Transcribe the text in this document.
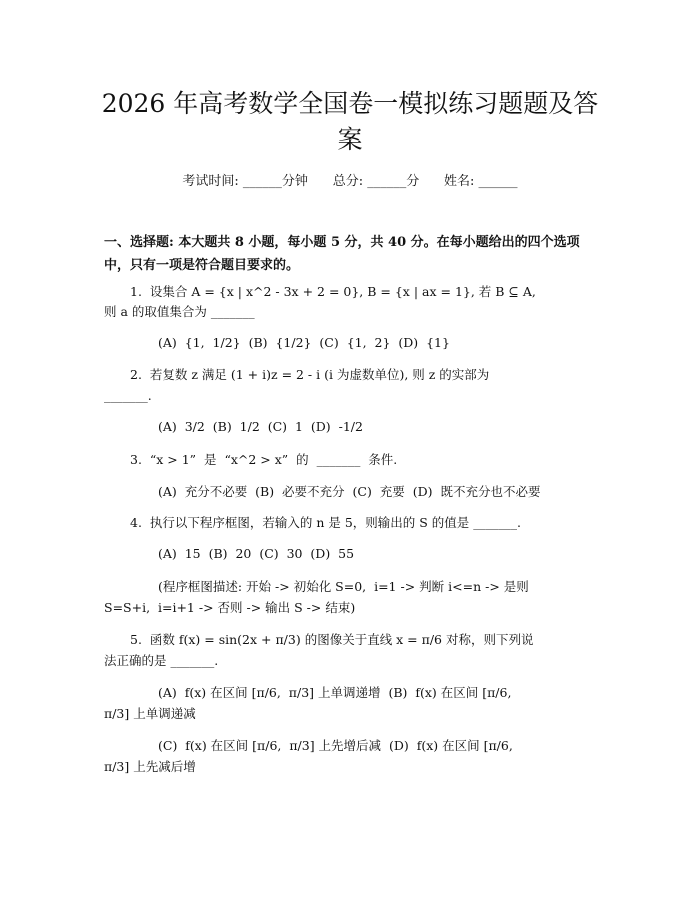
2026 年高考数学全国卷一模拟练习题题及答
案
考试时间: ______分钟 总分: ______分 姓名: ______

一、选择题: 本大题共 8 小题，每小题 5 分，共 40 分。在每小题给出的四个选项中，只有一项是符合题目要求的。

1.  设集合 A = {x | x^2 - 3x + 2 = 0}, B = {x | ax = 1}, 若 B ⊆ A,
则 a 的取值集合为 _______
(A)  {1,  1/2}  (B)  {1/2}  (C)  {1,  2}  (D)  {1}
2.  若复数 z 满足 (1 + i)z = 2 - i (i 为虚数单位), 则 z 的实部为
_______.
(A)  3/2  (B)  1/2  (C)  1  (D)  -1/2
3.  “x > 1”  是  “x^2 > x”  的  _______  条件.
(A)  充分不必要  (B)  必要不充分  (C)  充要  (D)  既不充分也不必要
4.  执行以下程序框图，若输入的 n 是 5，则输出的 S 的值是 _______.
(A)  15  (B)  20  (C)  30  (D)  55
(程序框图描述: 开始 -> 初始化 S=0,  i=1 -> 判断 i<=n -> 是则
S=S+i,  i=i+1 -> 否则 -> 输出 S -> 结束)
5.  函数 f(x) = sin(2x + π/3) 的图像关于直线 x = π/6 对称，则下列说
法正确的是 _______.
(A)  f(x) 在区间 [π/6,  π/3] 上单调递增  (B)  f(x) 在区间 [π/6,
π/3] 上单调递减
(C)  f(x) 在区间 [π/6,  π/3] 上先增后减  (D)  f(x) 在区间 [π/6,
π/3] 上先减后增
